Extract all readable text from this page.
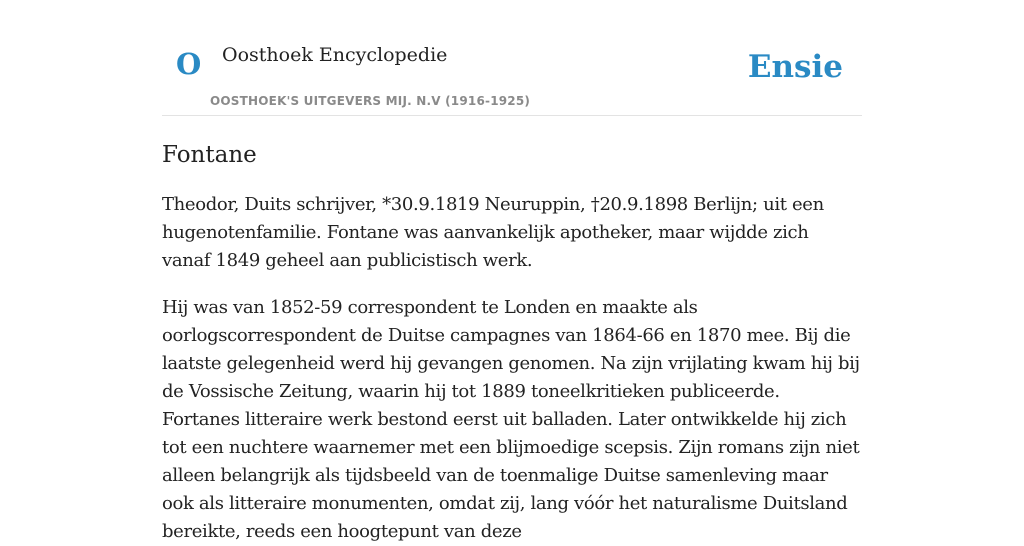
O Oosthoek Encyclopedie
OOSTHOEK'S UITGEVERS MIJ. N.V (1916-1925)
Ensie
Fontane

Theodor, Duits schrijver, *30.9.1819 Neuruppin, †20.9.1898 Berlijn; uit een hugenotenfamilie. Fontane was aanvankelijk apotheker, maar wijdde zich vanaf 1849 geheel aan publicistisch werk.

Hij was van 1852-59 correspondent te Londen en maakte als oorlogscorrespondent de Duitse campagnes van 1864-66 en 1870 mee. Bij die laatste gelegenheid werd hij gevangen genomen. Na zijn vrijlating kwam hij bij de Vossische Zeitung, waarin hij tot 1889 toneelkritieken publiceerde. Fortanes litteraire werk bestond eerst uit balladen. Later ontwikkelde hij zich tot een nuchtere waarnemer met een blijmoedige scepsis. Zijn romans zijn niet alleen belangrijk als tijdsbeeld van de toenmalige Duitse samenleving maar ook als litteraire monumenten, omdat zij, lang vóór het naturalisme Duitsland bereikte, reeds een hoogtepunt van deze
